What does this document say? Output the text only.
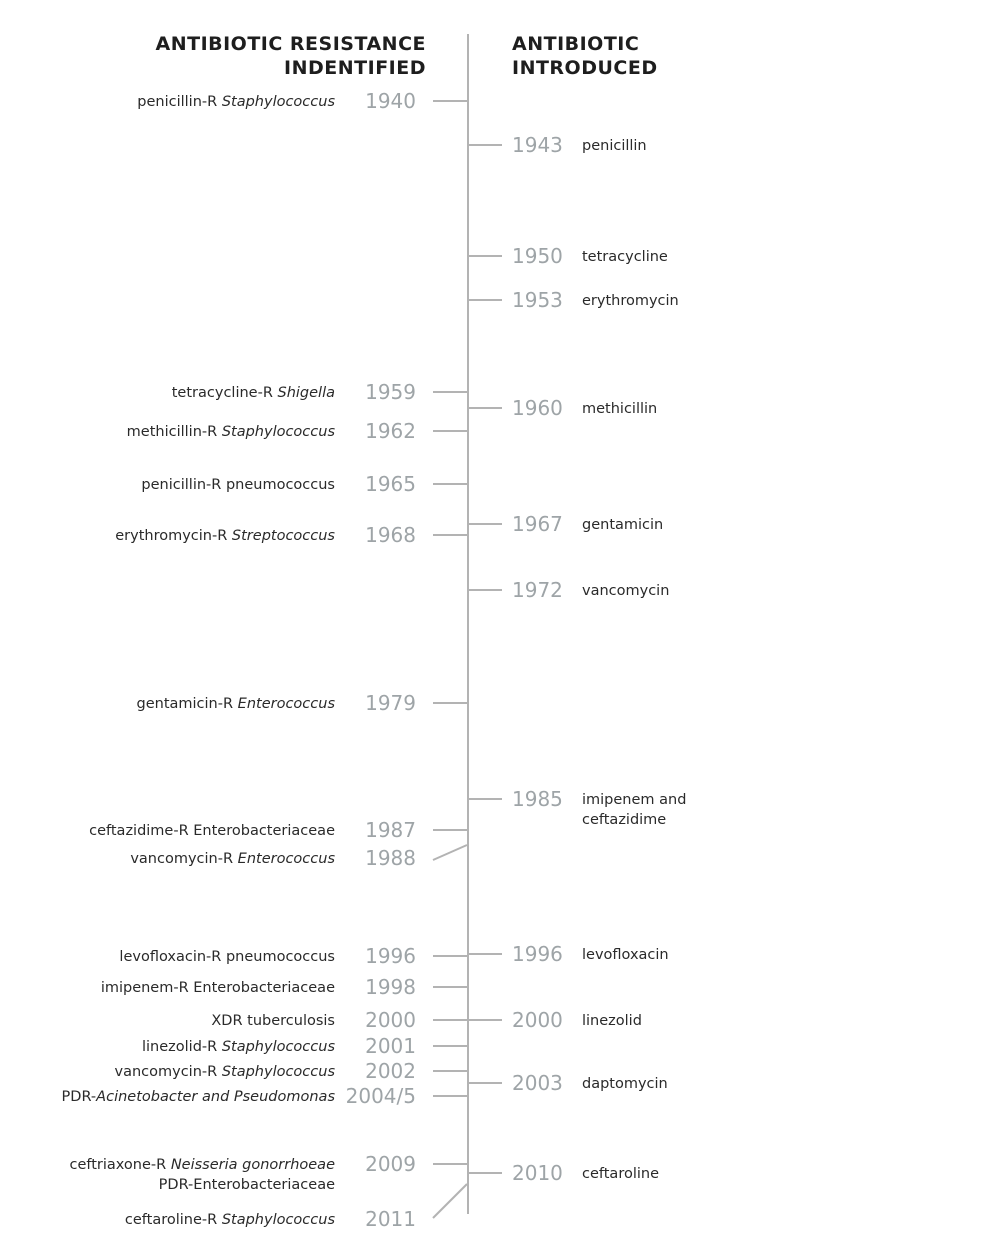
ANTIBIOTIC RESISTANCE
INDENTIFIED
ANTIBIOTIC
INTRODUCED
1940
penicillin-R Staphylococcus
1959
tetracycline-R Shigella
1962
methicillin-R Staphylococcus
1965
penicillin-R pneumococcus
1968
erythromycin-R Streptococcus
1979
gentamicin-R Enterococcus
1987
ceftazidime-R Enterobacteriaceae
1988
vancomycin-R Enterococcus
1996
levofloxacin-R pneumococcus
1998
imipenem-R Enterobacteriaceae
2000
XDR tuberculosis
2001
linezolid-R Staphylococcus
2002
vancomycin-R Staphylococcus
2004/5
PDR-Acinetobacter and Pseudomonas
2009
ceftriaxone-R Neisseria gonorrhoeae
PDR-Enterobacteriaceae
2011
ceftaroline-R Staphylococcus
1943 penicillin
1950 tetracycline
1953 erythromycin
1960 methicillin
1967 gentamicin
1972 vancomycin
1985 imipenem and
ceftazidime
1996 levofloxacin
2000 linezolid
2003 daptomycin
2010 ceftaroline
